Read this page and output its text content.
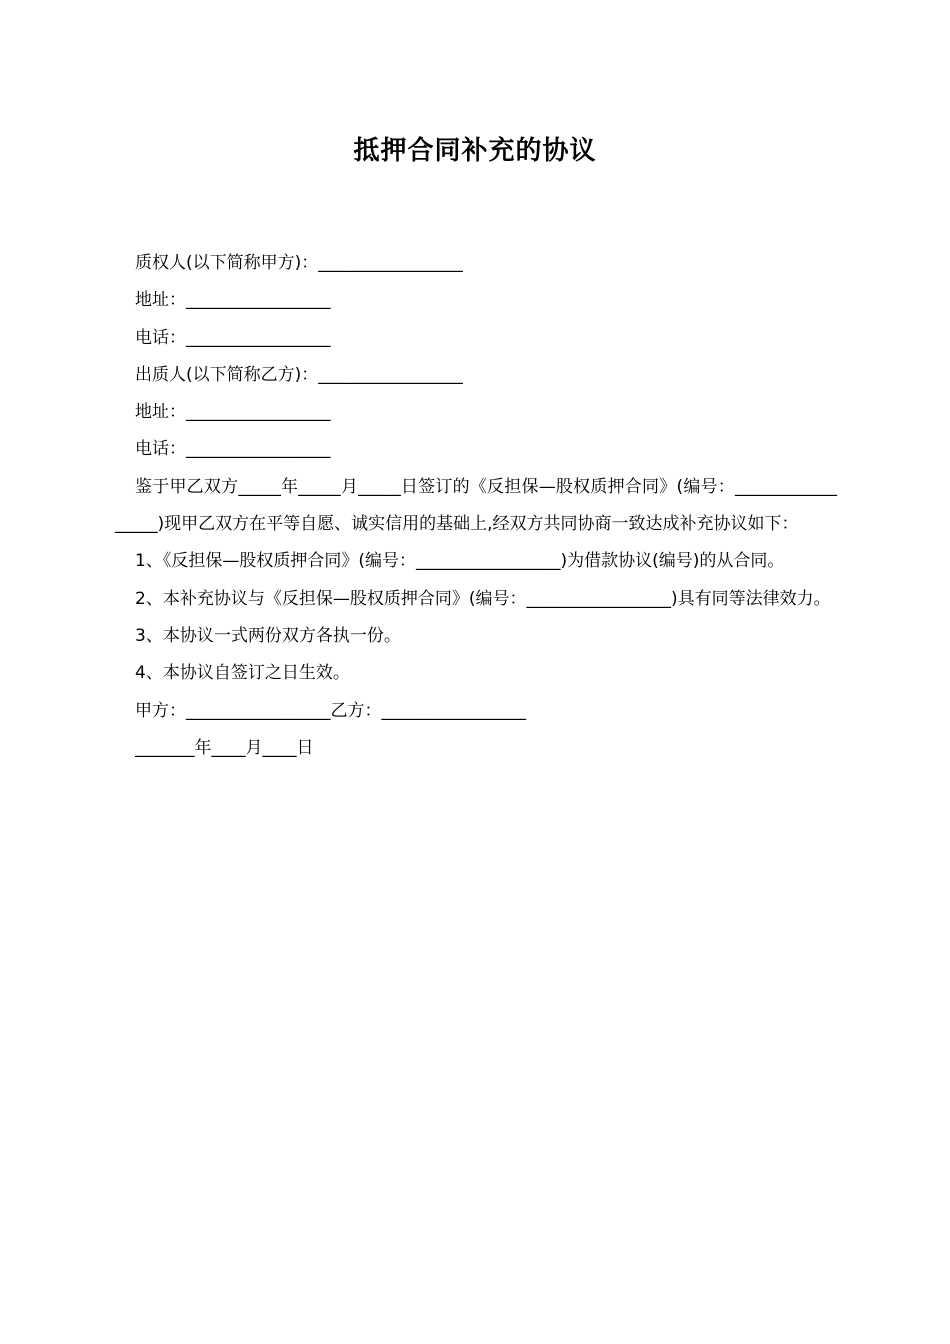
抵押合同补充的协议
质权人(以下简称甲方)：_________________
地址：_________________
电话：_________________
出质人(以下简称乙方)：_________________
地址：_________________
电话：_________________

鉴于甲乙双方_____年_____月_____日签订的《反担保—股权质押合同》(编号：_________________)现甲乙双方在平等自愿、诚实信用的基础上,经双方共同协商一致达成补充协议如下：

1、《反担保—股权质押合同》(编号：_________________)为借款协议(编号)的从合同。

2、本补充协议与《反担保—股权质押合同》(编号：_________________)具有同等法律效力。

3、本协议一式两份双方各执一份。

4、本协议自签订之日生效。

甲方：_________________乙方：_________________
_______年____月____日
